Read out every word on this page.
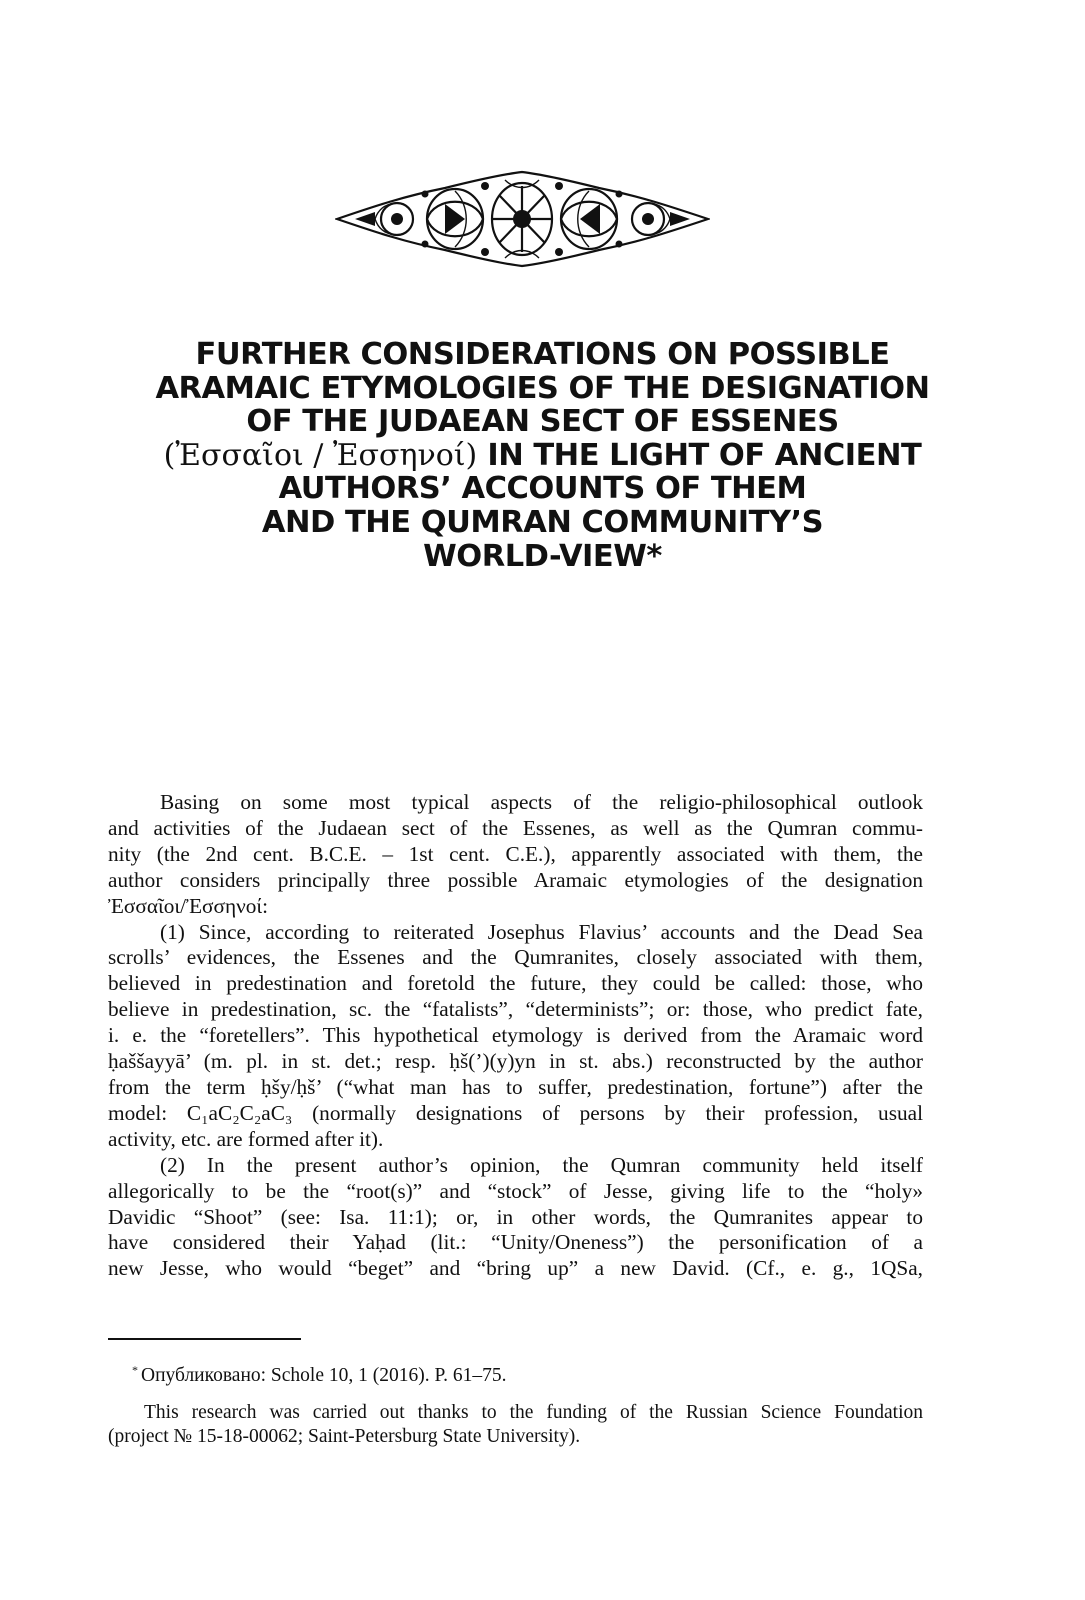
FURTHER CONSIDERATIONS ON POSSIBLE
ARAMAIC ETYMOLOGIES OF THE DESIGNATION
OF THE JUDAEAN SECT OF ESSENES
(Ἐσσαῖοι / Ἐσσηνοί) IN THE LIGHT OF ANCIENT
AUTHORS’ ACCOUNTS OF THEM
AND THE QUMRAN COMMUNITY’S
WORLD-VIEW*
Basing on some most typical aspects of the religio-philosophical outlook
and activities of the Judaean sect of the Essenes, as well as the Qumran commu-
nity (the 2nd cent. B.C.E. – 1st cent. C.E.), apparently associated with them, the
author considers principally three possible Aramaic etymologies of the designation
Ἐσσαῖοι/Ἐσσηνοί:
(1) Since, according to reiterated Josephus Flavius’ accounts and the Dead Sea
scrolls’ evidences, the Essenes and the Qumranites, closely associated with them,
believed in predestination and foretold the future, they could be called: those, who
believe in predestination, sc. the “fatalists”, “determinists”; or: those, who predict fate,
i. e. the “foretellers”. This hypothetical etymology is derived from the Aramaic word
ḥaššayyā’ (m. pl. in st. det.; resp. ḥš(’)(y)yn in st. abs.) reconstructed by the author
from the term ḥšy/ḥš’ (“what man has to suffer, predestination, fortune”) after the
model: C₁aC₂C₂aC₃ (normally designations of persons by their profession, usual
activity, etc. are formed after it).
(2) In the present author’s opinion, the Qumran community held itself
allegorically to be the “root(s)” and “stock” of Jesse, giving life to the “holy»
Davidic “Shoot” (see: Isa. 11:1); or, in other words, the Qumranites appear to
have considered their Yaḥad (lit.: “Unity/Oneness”) the personification of a
new Jesse, who would “beget” and “bring up” a new David. (Cf., e. g., 1QSa,
* Опубликовано: Schole 10, 1 (2016). P. 61–75.
This research was carried out thanks to the funding of the Russian Science Foundation
(project № 15-18-00062; Saint-Petersburg State University).
